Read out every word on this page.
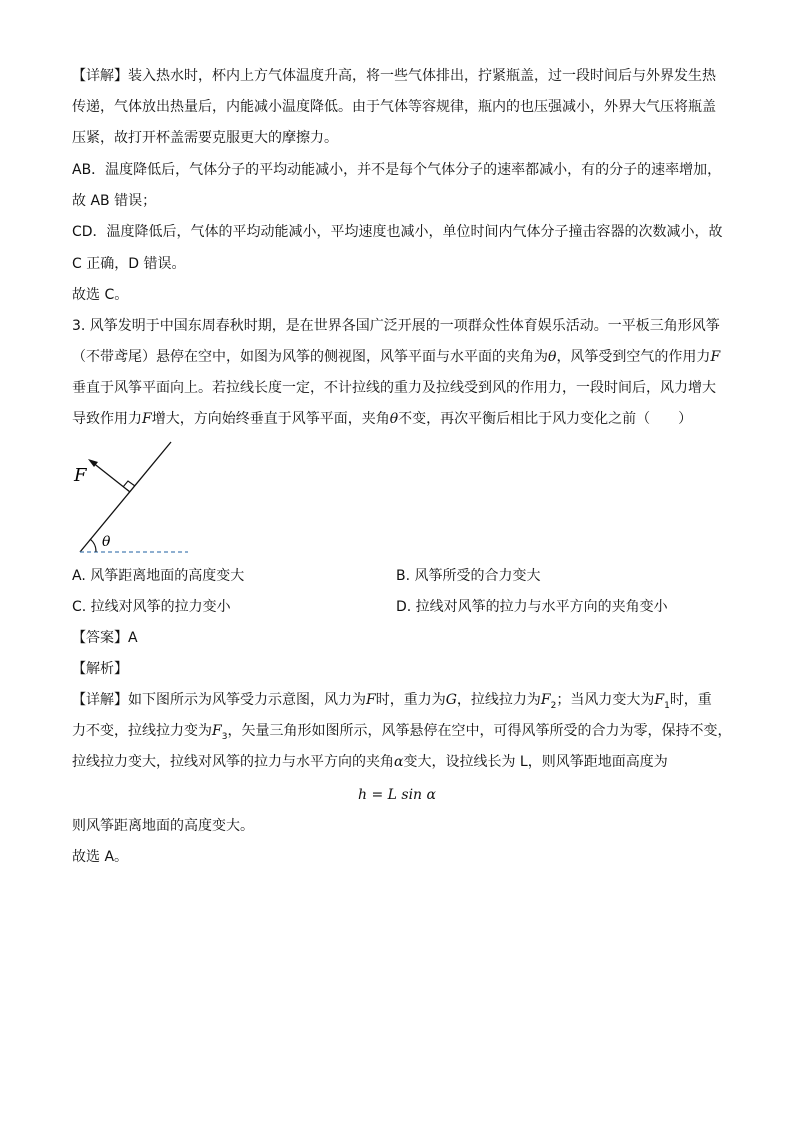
【详解】装入热水时，杯内上方气体温度升高，将一些气体排出，拧紧瓶盖，过一段时间后与外界发生热
传递，气体放出热量后，内能减小温度降低。由于气体等容规律，瓶内的也压强减小，外界大气压将瓶盖
压紧，故打开杯盖需要克服更大的摩擦力。
AB．温度降低后，气体分子的平均动能减小，并不是每个气体分子的速率都减小，有的分子的速率增加，
故 AB 错误；
CD．温度降低后，气体的平均动能减小，平均速度也减小，单位时间内气体分子撞击容器的次数减小，故
C 正确，D 错误。
故选 C。
3. 风筝发明于中国东周春秋时期，是在世界各国广泛开展的一项群众性体育娱乐活动。一平板三角形风筝
（不带鸢尾）悬停在空中，如图为风筝的侧视图，风筝平面与水平面的夹角为θ，风筝受到空气的作用力F
垂直于风筝平面向上。若拉线长度一定，不计拉线的重力及拉线受到风的作用力，一段时间后，风力增大
导致作用力F增大，方向始终垂直于风筝平面，夹角θ不变，再次平衡后相比于风力变化之前（　　）
F
θ
A. 风筝距离地面的高度变大	B. 风筝所受的合力变大
C. 拉线对风筝的拉力变小	D. 拉线对风筝的拉力与水平方向的夹角变小
【答案】A
【解析】
【详解】如下图所示为风筝受力示意图，风力为F时，重力为G，拉线拉力为$F_2$；当风力变大为$F_1$时，重
力不变，拉线拉力变为$F_3$，矢量三角形如图所示，风筝悬停在空中，可得风筝所受的合力为零，保持不变，
拉线拉力变大，拉线对风筝的拉力与水平方向的夹角α变大，设拉线长为 L，则风筝距地面高度为
h = L sin α
则风筝距离地面的高度变大。
故选 A。
